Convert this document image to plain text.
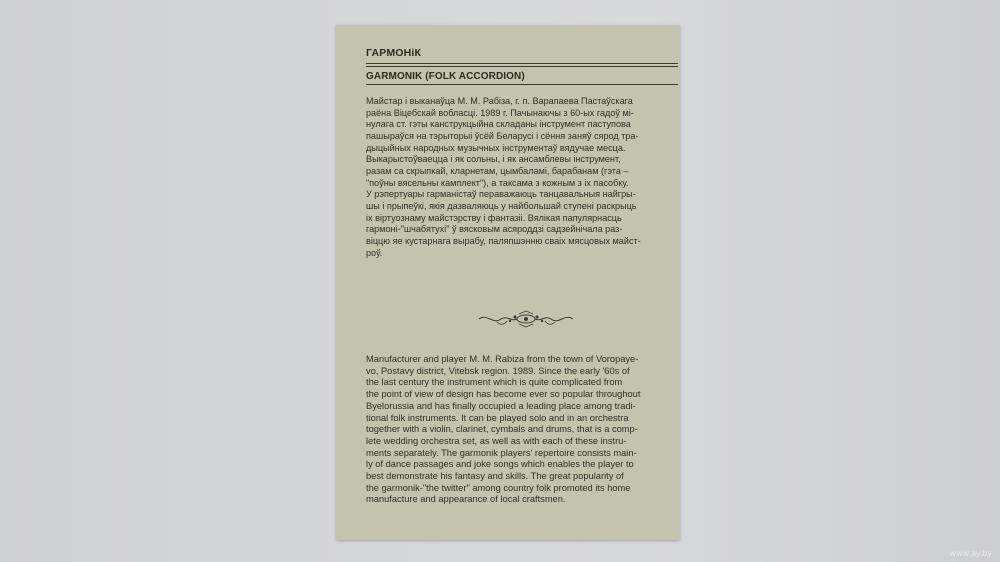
ГАРМОНіК
GARMONIK (FOLK ACCORDION)
Майстар і выканаўца М. М. Рабіза, г. п. Варапаева Пастаўскага
раёна Віцебскай вобласці. 1989 г. Пачынаючы з 60-ых гадоў мі-
нулага ст. гэты канструкцыйна складаны інструмент паступова
пашыраўся на тэрыторыі ўсёй Беларусі і сёння заняў сярод тра-
дыцыйных народных музычных інструментаў вядучае месца.
Выкарыстоўваецца і як сольны, і як ансамблевы інструмент,
разам са скрыпкай, кларнетам, цымбаламі, барабанам (гэта –
"поўны вясельны камплект"), а таксама з кожным з іх пасобку.
У рэпертуары гарманістаў пераважаюць танцавальныя найгры-
шы і прыпеўкі, якія дазваляюць у найбольшай ступені раскрыць
іх віртуознаму майстэрству і фантазіі. Вялікая папулярнасць
гармоні-"шчабятухі" ў вясковым асяроддзі садзейнічала раз-
віццю яе кустарнага вырабу, паляпшэнню сваіх мясцовых майст-
роў.
Manufacturer and player M. M. Rabiza from the town of Voropaye-
vo, Postavy district, Vitebsk region. 1989. Since the early '60s of
the last century the instrument which is quite complicated from
the point of view of design has become ever so popular throughout
Byelorussia and has finally occupied a leading place among tradi-
tional folk instruments. It can be played solo and in an orchestra
together with a violin, clarinet, cymbals and drums, that is a comp-
lete wedding orchestra set, as well as with each of these instru-
ments separately. The garmonik players' repertoire consists main-
ly of dance passages and joke songs which enables the player to
best demonstrate his fantasy and skills. The great popularity of
the garmonik-"the twitter" among country folk promoted its home
manufacture and appearance of local craftsmen.
www.ay.by
